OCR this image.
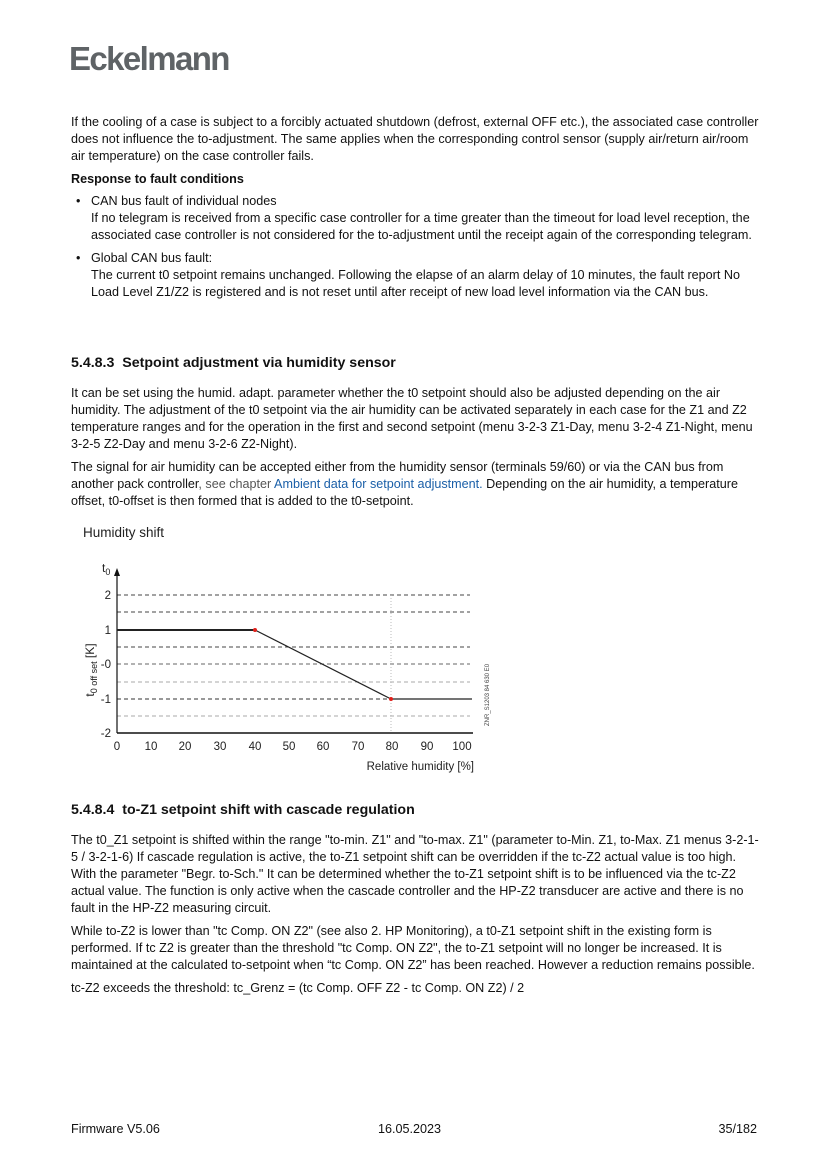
Eckelmann

If the cooling of a case is subject to a forcibly actuated shutdown (defrost, external OFF etc.), the associated case controller does not influence the to-adjustment. The same applies when the corresponding control sensor (supply air/return air/room air temperature) on the case controller fails.

Response to fault conditions
• CAN bus fault of individual nodes
If no telegram is received from a specific case controller for a time greater than the timeout for load level reception, the associated case controller is not considered for the to-adjustment until the receipt again of the corresponding telegram.
• Global CAN bus fault:
The current t0 setpoint remains unchanged. Following the elapse of an alarm delay of 10 minutes, the fault report No Load Level Z1/Z2 is registered and is not reset until after receipt of new load level information via the CAN bus.
5.4.8.3 Setpoint adjustment via humidity sensor

It can be set using the humid. adapt. parameter whether the t0 setpoint should also be adjusted depending on the air humidity. The adjustment of the t0 setpoint via the air humidity can be activated separately in each case for the Z1 and Z2 temperature ranges and for the operation in the first and second setpoint (menu 3-2-3 Z1-Day, menu 3-2-4 Z1-Night, menu 3-2-5 Z2-Day and menu 3-2-6 Z2-Night).

The signal for air humidity can be accepted either from the humidity sensor (terminals 59/60) or via the CAN bus from another pack controller, see chapter Ambient data for setpoint adjustment. Depending on the air humidity, a temperature offset, t0-offset is then formed that is added to the t0-setpoint.

Humidity shift
$t_0$
2
1
-0
-1
-2
0 10 20 30 40 50 60 70 80 90 100
Relative humidity [%]
$t_{0 off set}$ [K]
ZNR_S1203 84 630 E0
5.4.8.4 to-Z1 setpoint shift with cascade regulation

The t0_Z1 setpoint is shifted within the range "to-min. Z1" and "to-max. Z1" (parameter to-Min. Z1, to-Max. Z1 menus 3-2-1-5 / 3-2-1-6) If cascade regulation is active, the to-Z1 setpoint shift can be overridden if the tc-Z2 actual value is too high. With the parameter "Begr. to-Sch." It can be determined whether the to-Z1 setpoint shift is to be influenced via the tc-Z2 actual value. The function is only active when the cascade controller and the HP-Z2 transducer are active and there is no fault in the HP-Z2 measuring circuit.

While to-Z2 is lower than "tc Comp. ON Z2" (see also 2. HP Monitoring), a t0-Z1 setpoint shift in the existing form is performed. If tc Z2 is greater than the threshold "tc Comp. ON Z2", the to-Z1 setpoint will no longer be increased. It is maintained at the calculated to-setpoint when “tc Comp. ON Z2” has been reached. However a reduction remains possible.

tc-Z2 exceeds the threshold: tc_Grenz = (tc Comp. OFF Z2 - tc Comp. ON Z2) / 2

Firmware V5.06	16.05.2023	35/182
